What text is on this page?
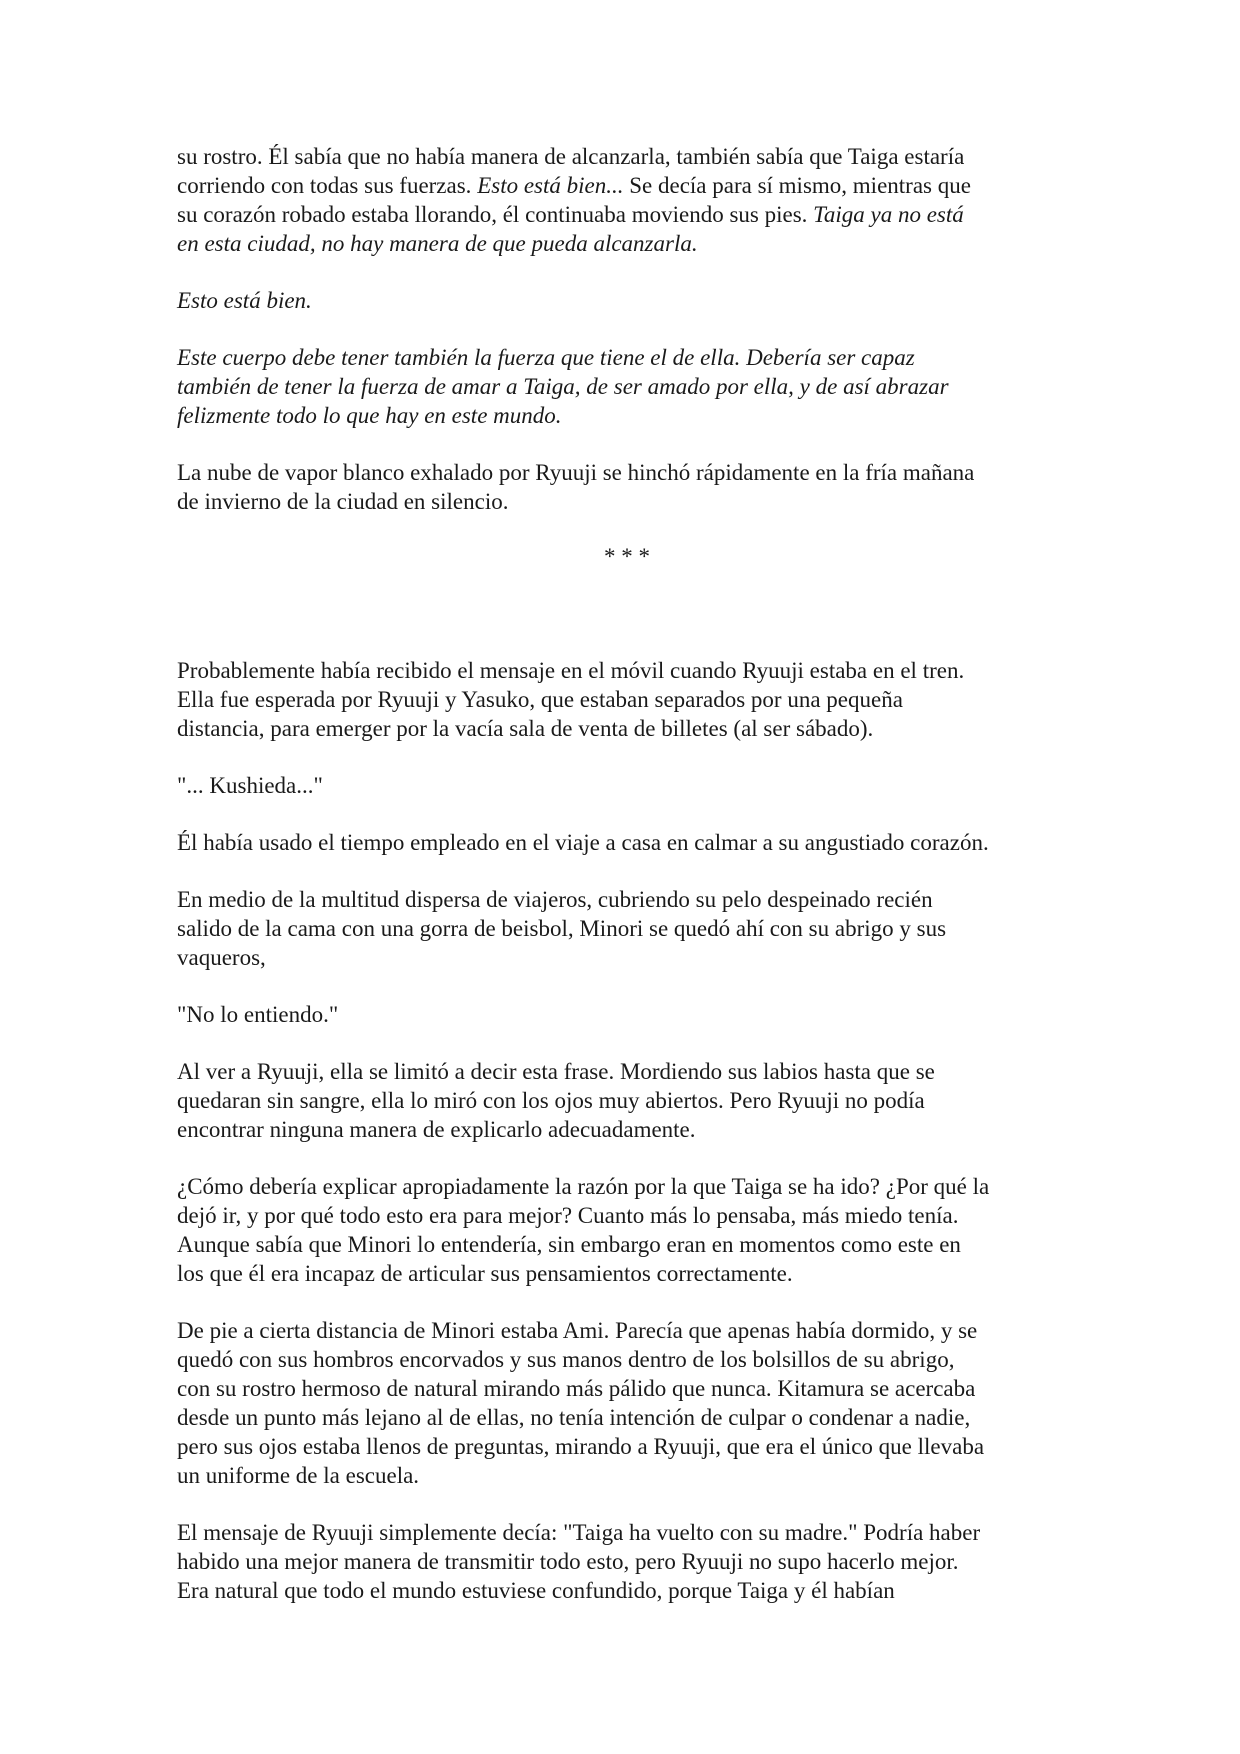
su rostro. Él sabía que no había manera de alcanzarla, también sabía que Taiga estaría
corriendo con todas sus fuerzas. Esto está bien... Se decía para sí mismo, mientras que
su corazón robado estaba llorando, él continuaba moviendo sus pies. Taiga ya no está
en esta ciudad, no hay manera de que pueda alcanzarla.
Esto está bien.
Este cuerpo debe tener también la fuerza que tiene el de ella. Debería ser capaz
también de tener la fuerza de amar a Taiga, de ser amado por ella, y de así abrazar
felizmente todo lo que hay en este mundo.
La nube de vapor blanco exhalado por Ryuuji se hinchó rápidamente en la fría mañana
de invierno de la ciudad en silencio.
* * *
Probablemente había recibido el mensaje en el móvil cuando Ryuuji estaba en el tren.
Ella fue esperada por Ryuuji y Yasuko, que estaban separados por una pequeña
distancia, para emerger por la vacía sala de venta de billetes (al ser sábado).
"... Kushieda..."
Él había usado el tiempo empleado en el viaje a casa en calmar a su angustiado corazón.
En medio de la multitud dispersa de viajeros, cubriendo su pelo despeinado recién
salido de la cama con una gorra de beisbol, Minori se quedó ahí con su abrigo y sus
vaqueros,
"No lo entiendo."
Al ver a Ryuuji, ella se limitó a decir esta frase. Mordiendo sus labios hasta que se
quedaran sin sangre, ella lo miró con los ojos muy abiertos. Pero Ryuuji no podía
encontrar ninguna manera de explicarlo adecuadamente.
¿Cómo debería explicar apropiadamente la razón por la que Taiga se ha ido? ¿Por qué la
dejó ir, y por qué todo esto era para mejor? Cuanto más lo pensaba, más miedo tenía.
Aunque sabía que Minori lo entendería, sin embargo eran en momentos como este en
los que él era incapaz de articular sus pensamientos correctamente.
De pie a cierta distancia de Minori estaba Ami. Parecía que apenas había dormido, y se
quedó con sus hombros encorvados y sus manos dentro de los bolsillos de su abrigo,
con su rostro hermoso de natural mirando más pálido que nunca. Kitamura se acercaba
desde un punto más lejano al de ellas, no tenía intención de culpar o condenar a nadie,
pero sus ojos estaba llenos de preguntas, mirando a Ryuuji, que era el único que llevaba
un uniforme de la escuela.
El mensaje de Ryuuji simplemente decía: "Taiga ha vuelto con su madre." Podría haber
habido una mejor manera de transmitir todo esto, pero Ryuuji no supo hacerlo mejor.
Era natural que todo el mundo estuviese confundido, porque Taiga y él habían
